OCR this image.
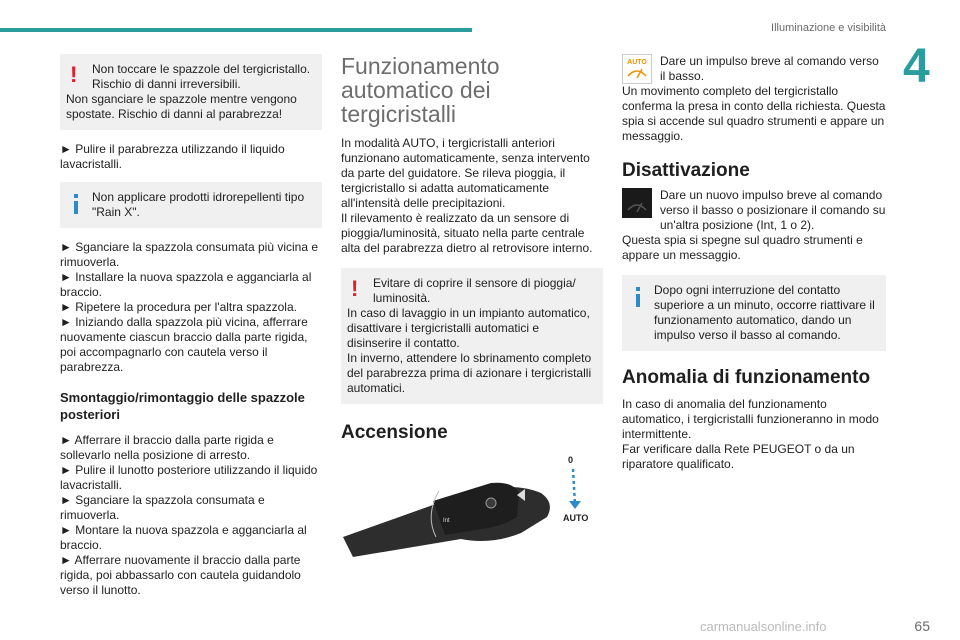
Illuminazione e visibilità
4
!	Non toccare le spazzole del tergicristallo.

Rischio di danni irreversibili.

Non sganciare le spazzole mentre vengono spostate. Rischio di danni al parabrezza!

► Pulire il parabrezza utilizzando il liquido lavacristalli.

Non applicare prodotti idrorepellenti tipo "Rain X".

► Sganciare la spazzola consumata più vicina e rimuoverla.

► Installare la nuova spazzola e agganciarla al braccio.

► Ripetere la procedura per l'altra spazzola.

► Iniziando dalla spazzola più vicina, afferrare nuovamente ciascun braccio dalla parte rigida, poi accompagnarlo con cautela verso il parabrezza.

Smontaggio/rimontaggio delle spazzole posteriori

► Afferrare il braccio dalla parte rigida e sollevarlo nella posizione di arresto.

► Pulire il lunotto posteriore utilizzando il liquido lavacristalli.

► Sganciare la spazzola consumata e rimuoverla.

► Montare la nuova spazzola e agganciarla al braccio.

► Afferrare nuovamente il braccio dalla parte rigida, poi abbassarlo con cautela guidandolo verso il lunotto.

Funzionamento automatico dei tergicristalli

In modalità AUTO, i tergicristalli anteriori funzionano automaticamente, senza intervento da parte del guidatore. Se rileva pioggia, il tergicristallo si adatta automaticamente all'intensità delle precipitazioni.

Il rilevamento è realizzato da un sensore di pioggia/luminosità, situato nella parte centrale alta del parabrezza dietro al retrovisore interno.

!	Evitare di coprire il sensore di pioggia/ luminosità.

In caso di lavaggio in un impianto automatico, disattivare i tergicristalli automatici e disinserire il contatto.

In inverno, attendere lo sbrinamento completo del parabrezza prima di azionare i tergicristalli automatici.

Accensione
Int
0
AUTO
AUTO Dare un impulso breve al comando verso il basso.

Un movimento completo del tergicristallo conferma la presa in conto della richiesta. Questa spia si accende sul quadro strumenti e appare un messaggio.

Disattivazione

Dare un nuovo impulso breve al comando verso il basso o posizionare il comando su un'altra posizione (Int, 1 o 2).

Questa spia si spegne sul quadro strumenti e appare un messaggio.

Dopo ogni interruzione del contatto superiore a un minuto, occorre riattivare il funzionamento automatico, dando un impulso verso il basso al comando.

Anomalia di funzionamento

In caso di anomalia del funzionamento automatico, i tergicristalli funzioneranno in modo intermittente.

Far verificare dalla Rete PEUGEOT o da un riparatore qualificato.

carmanualsonline.info	65
